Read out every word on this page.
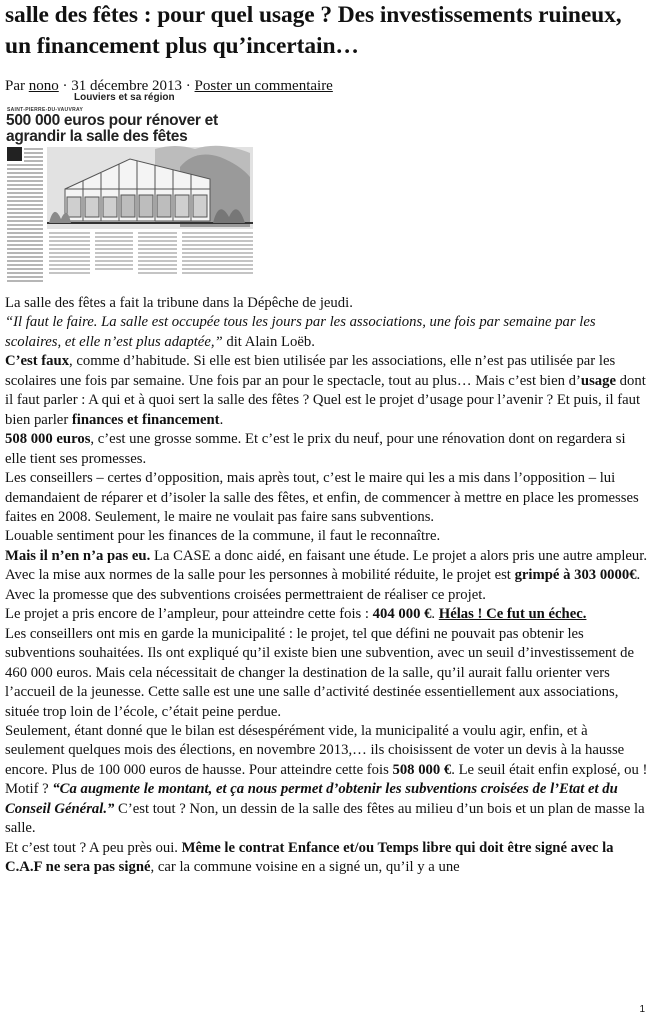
salle des fêtes : pour quel usage ? Des investissements ruineux, un financement plus qu’incertain…
Par nono · 31 décembre 2013 · Poster un commentaire
Louviers et sa région
SAINT-PIERRE-DU-VAUVRAY
500 000 euros pour rénover et agrandir la salle des fêtes

La salle des fêtes a fait la tribune dans la Dépêche de jeudi.

“Il faut le faire. La salle est occupée tous les jours par les associations, une fois par semaine par les scolaires, et elle n’est plus adaptée,” dit Alain Loëb.

C’est faux, comme d’habitude. Si elle est bien utilisée par les associations, elle n’est pas utilisée par les scolaires une fois par semaine. Une fois par an pour le spectacle, tout au plus… Mais c’est bien d’usage dont il faut parler : A qui et à quoi sert la salle des fêtes ? Quel est le projet d’usage pour l’avenir ? Et puis, il faut bien parler finances et financement.

508 000 euros, c’est une grosse somme. Et c’est le prix du neuf, pour une rénovation dont on regardera si elle tient ses promesses.

Les conseillers – certes d’opposition, mais après tout, c’est le maire qui les a mis dans l’opposition – lui demandaient de réparer et d’isoler la salle des fêtes, et enfin, de commencer à mettre en place les promesses faites en 2008. Seulement, le maire ne voulait pas faire sans subventions.

Louable sentiment pour les finances de la commune, il faut le reconnaître.

Mais il n’en n’a pas eu. La CASE a donc aidé, en faisant une étude. Le projet a alors pris une autre ampleur. Avec la mise aux normes de la salle pour les personnes à mobilité réduite, le projet est grimpé à 303 0000€. Avec la promesse que des subventions croisées permettraient de réaliser ce projet.

Le projet a pris encore de l’ampleur, pour atteindre cette fois : 404 000 €. Hélas ! Ce fut un échec.

Les conseillers ont mis en garde la municipalité : le projet, tel que défini ne pouvait pas obtenir les subventions souhaitées. Ils ont expliqué qu’il existe bien une subvention, avec un seuil d’investissement de 460 000 euros. Mais cela nécessitait de changer la destination de la salle, qu’il aurait fallu orienter vers l’accueil de la jeunesse. Cette salle est une une salle d’activité destinée essentiellement aux associations, située trop loin de l’école, c’était peine perdue.

Seulement, étant donné que le bilan est désespérément vide, la municipalité a voulu agir, enfin, et à seulement quelques mois des élections, en novembre 2013,… ils choisissent de voter un devis à la hausse encore. Plus de 100 000 euros de hausse. Pour atteindre cette fois 508 000 €. Le seuil était enfin explosé, ou !

Motif ? “Ca augmente le montant, et ça nous permet d’obtenir les subventions croisées de l’Etat et du Conseil Général.” C’est tout ? Non, un dessin de la salle des fêtes au milieu d’un bois et un plan de masse la salle.

Et c’est tout ? A peu près oui. Même le contrat Enfance et/ou Temps libre qui doit être signé avec la C.A.F ne sera pas signé, car la commune voisine en a signé un, qu’il y a une

1
